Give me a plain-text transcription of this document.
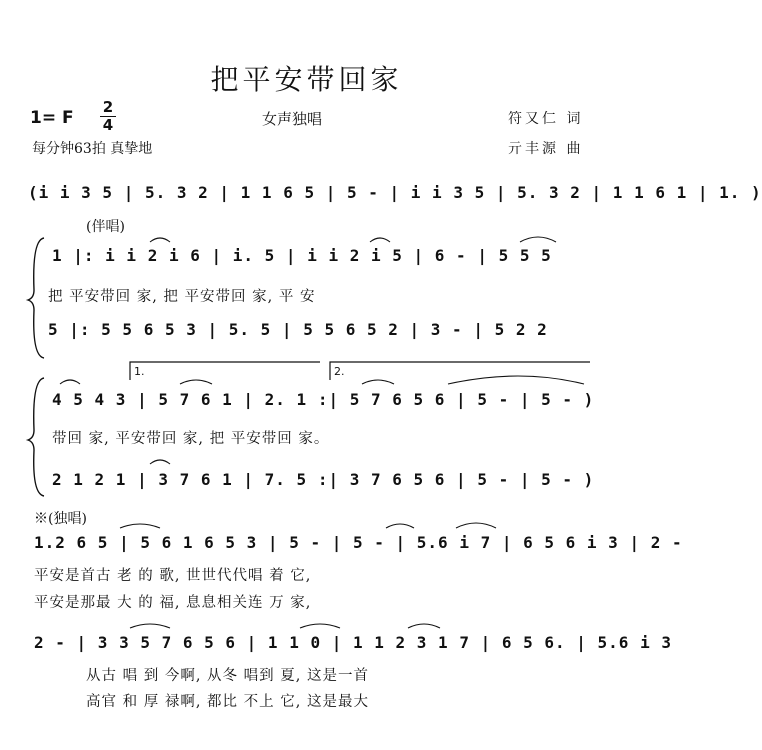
把平安带回家
1= F
2
4	女声独唱
每分钟63拍 真挚地
符又仁 词
亓丰源 曲
(i i 3 5 | 5. 3 2 | 1 1 6 5 | 5 - | i i 3 5 | 5. 3 2 | 1 1 6 1 | 1. )
(伴唱)
1 |: i i 2 i 6 | i. 5 | i i 2 i 5 | 6 - | 5 5 5
把 平安带回 家, 把 平安带回 家, 平 安
5 |: 5 5 6 5 3 | 5. 5 | 5 5 6 5 2 | 3 - | 5 2 2
1.	2.
4 5 4 3 | 5 7 6 1 | 2. 1 :| 5 7 6 5 6 | 5 - | 5 - )
带回 家, 平安带回 家, 把 平安带回 家。
2 1 2 1 | 3 7 6 1 | 7. 5 :| 3 7 6 5 6 | 5 - | 5 - )
※(独唱)
1.2 6 5 | 5 6 1 6 5 3 | 5 - | 5 - | 5.6 i 7 | 6 5 6 i 3 | 2 -
平安是首古 老 的 歌, 世世代代唱 着 它,
平安是那最 大 的 福, 息息相关连 万 家,
2 - | 3 3 5 7 6 5 6 | 1 1 0 | 1 1 2 3 1 7 | 6 5 6. | 5.6 i 3
从古 唱 到 今啊, 从冬 唱到 夏, 这是一首
高官 和 厚 禄啊, 都比 不上 它, 这是最大
